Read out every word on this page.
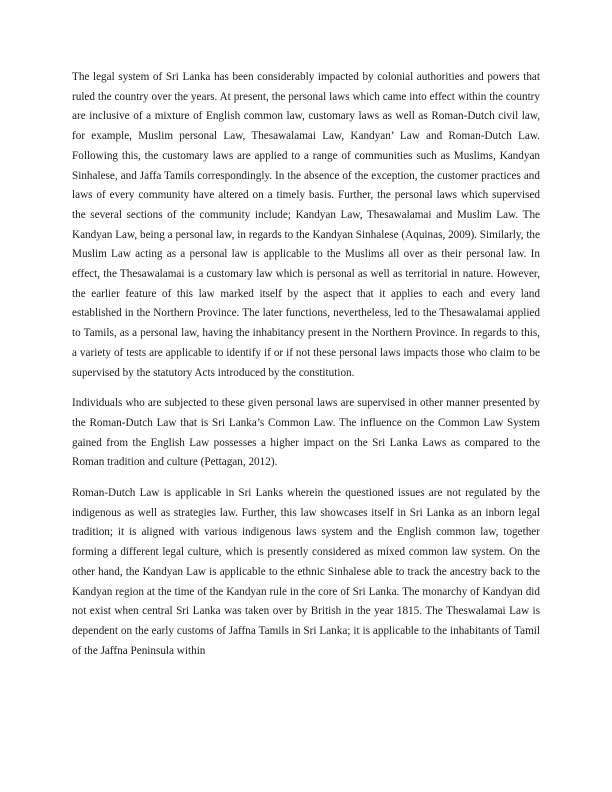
The legal system of Sri Lanka has been considerably impacted by colonial authorities and powers that ruled the country over the years. At present, the personal laws which came into effect within the country are inclusive of a mixture of English common law, customary laws as well as Roman-Dutch civil law, for example, Muslim personal Law, Thesawalamai Law, Kandyan’ Law and Roman-Dutch Law. Following this, the customary laws are applied to a range of communities such as Muslims, Kandyan Sinhalese, and Jaffa Tamils correspondingly. In the absence of the exception, the customer practices and laws of every community have altered on a timely basis. Further, the personal laws which supervised the several sections of the community include; Kandyan Law, Thesawalamai and Muslim Law. The Kandyan Law, being a personal law, in regards to the Kandyan Sinhalese (Aquinas, 2009). Similarly, the Muslim Law acting as a personal law is applicable to the Muslims all over as their personal law. In effect, the Thesawalamai is a customary law which is personal as well as territorial in nature. However, the earlier feature of this law marked itself by the aspect that it applies to each and every land established in the Northern Province. The later functions, nevertheless, led to the Thesawalamai applied to Tamils, as a personal law, having the inhabitancy present in the Northern Province. In regards to this, a variety of tests are applicable to identify if or if not these personal laws impacts those who claim to be supervised by the statutory Acts introduced by the constitution.

Individuals who are subjected to these given personal laws are supervised in other manner presented by the Roman-Dutch Law that is Sri Lanka’s Common Law. The influence on the Common Law System gained from the English Law possesses a higher impact on the Sri Lanka Laws as compared to the Roman tradition and culture (Pettagan, 2012).

Roman-Dutch Law is applicable in Sri Lanks wherein the questioned issues are not regulated by the indigenous as well as strategies law. Further, this law showcases itself in Sri Lanka as an inborn legal tradition; it is aligned with various indigenous laws system and the English common law, together forming a different legal culture, which is presently considered as mixed common law system. On the other hand, the Kandyan Law is applicable to the ethnic Sinhalese able to track the ancestry back to the Kandyan region at the time of the Kandyan rule in the core of Sri Lanka. The monarchy of Kandyan did not exist when central Sri Lanka was taken over by British in the year 1815. The Theswalamai Law is dependent on the early customs of Jaffna Tamils in Sri Lanka; it is applicable to the inhabitants of Tamil of the Jaffna Peninsula within
